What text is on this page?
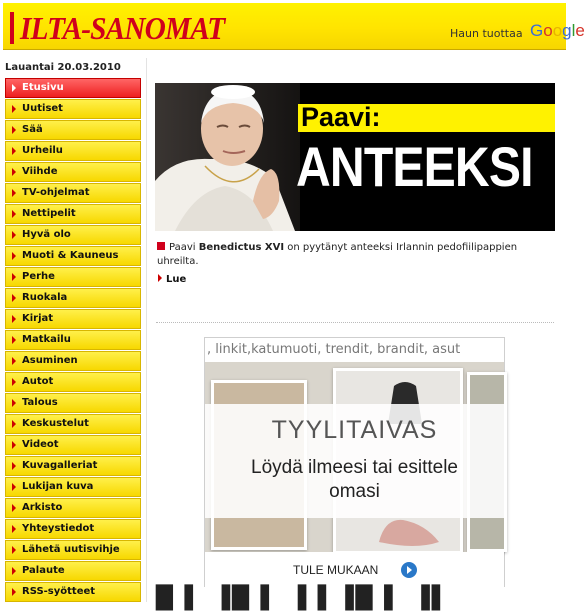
ILTA-SANOMAT	Haun tuottaa Google
Lauantai 20.03.2010
Etusivu
Uutiset
Sää
Urheilu
Viihde
TV-ohjelmat
Nettipelit
Hyvä olo
Muoti & Kauneus
Perhe
Ruokala
Kirjat
Matkailu
Asuminen
Autot
Talous
Keskustelut
Videot
Kuvagalleriat
Lukijan kuva
Arkisto
Yhteystiedot
Lähetä uutisvihje
Palaute
RSS-syötteet
Paavi:
ANTEEKSI
Paavi Benedictus XVI on pyytänyt anteeksi Irlannin pedofiilipappien uhreilta.
Lue
, linkit,katumuoti, trendit, brandit, asut
TYYLITAIVAS
Löydä ilmeesi tai esittele omasi
TULE MUKAAN
█ ▌ ▐█ ▌ ▐ ▌▐█ ▌ ▐▌
